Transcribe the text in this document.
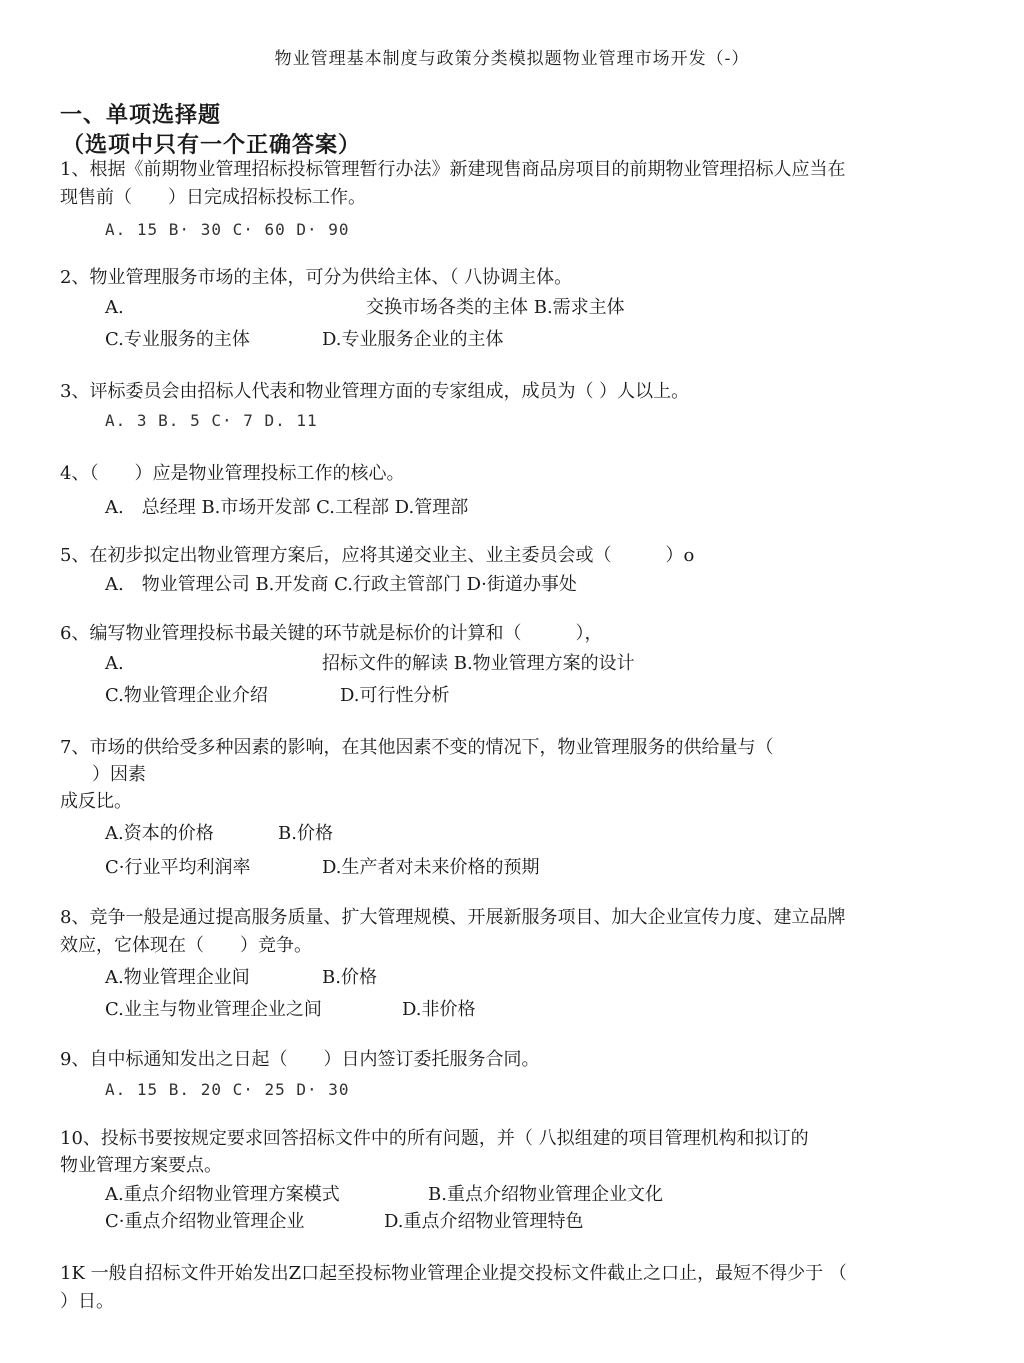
物业管理基本制度与政策分类模拟题物业管理市场开发（-）
一、单项选择题
（选项中只有一个正确答案）
1、根据《前期物业管理招标投标管理暂行办法》新建现售商品房项目的前期物业管理招标人应当在
现售前（　　）日完成招标投标工作。
A. 15 B· 30 C· 60 D· 90
2、物业管理服务市场的主体，可分为供给主体、（ 八协调主体。
A.	交换市场各类的主体 B.需求主体
C.专业服务的主体	D.专业服务企业的主体
3、评标委员会由招标人代表和物业管理方面的专家组成，成员为（ ）人以上。
A. 3 B. 5 C· 7 D. 11
4、（　　）应是物业管理投标工作的核心。
A.　总经理 B.市场开发部 C.工程部 D.管理部
5、在初步拟定出物业管理方案后，应将其递交业主、业主委员会或（　　　）o
A.　物业管理公司 B.开发商 C.行政主管部门 D·街道办事处
6、编写物业管理投标书最关键的环节就是标价的计算和（　　　），
A.	招标文件的解读 B.物业管理方案的设计
C.物业管理企业介绍	D.可行性分析
7、市场的供给受多种因素的影响，在其他因素不变的情况下，物业管理服务的供给量与（
）因素
成反比。
A.资本的价格	B.价格
C·行业平均利润率	D.生产者对未来价格的预期
8、竞争一般是通过提高服务质量、扩大管理规模、开展新服务项目、加大企业宣传力度、建立品牌
效应，它体现在（　　）竞争。
A.物业管理企业间	B.价格
C.业主与物业管理企业之间	D.非价格
9、自中标通知发出之日起（　　）日内签订委托服务合同。
A. 15 B. 20 C· 25 D· 30
10、投标书要按规定要求回答招标文件中的所有问题，并（ 八拟组建的项目管理机构和拟订的
物业管理方案要点。
A.重点介绍物业管理方案模式	B.重点介绍物业管理企业文化
C·重点介绍物业管理企业	D.重点介绍物业管理特色
1K 一般自招标文件开始发出Z口起至投标物业管理企业提交投标文件截止之口止，最短不得少于 （
）日。
